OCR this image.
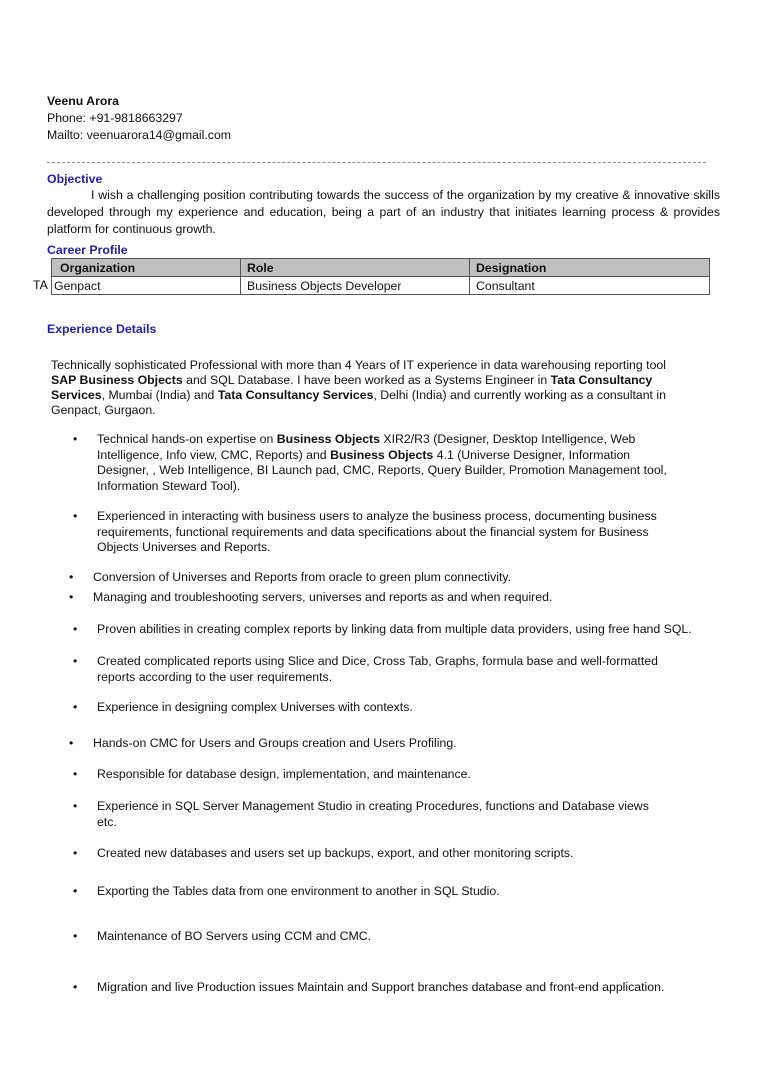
Veenu Arora
Phone: +91-9818663297
Mailto: veenuarora14@gmail.com
Objective
I wish a challenging position contributing towards the success of the organization by my creative & innovative skills developed through my experience and education, being a part of an industry that initiates learning process & provides platform for continuous growth.
Career Profile
TA
Organization	Role	Designation
Genpact	Business Objects Developer	Consultant
Experience Details
Technically sophisticated Professional with more than 4 Years of IT experience in data warehousing reporting tool
SAP Business Objects and SQL Database. I have been worked as a Systems Engineer in Tata Consultancy
Services, Mumbai (India) and Tata Consultancy Services, Delhi (India) and currently working as a consultant in
Genpact, Gurgaon.
• Technical hands-on expertise on Business Objects XIR2/R3 (Designer, Desktop Intelligence, Web
Intelligence, Info view, CMC, Reports) and Business Objects 4.1 (Universe Designer, Information
Designer, , Web Intelligence, BI Launch pad, CMC, Reports, Query Builder, Promotion Management tool,
Information Steward Tool).
• Experienced in interacting with business users to analyze the business process, documenting business
requirements, functional requirements and data specifications about the financial system for Business
Objects Universes and Reports.
• Conversion of Universes and Reports from oracle to green plum connectivity.
• Managing and troubleshooting servers, universes and reports as and when required.
• Proven abilities in creating complex reports by linking data from multiple data providers, using free hand SQL.
• Created complicated reports using Slice and Dice, Cross Tab, Graphs, formula base and well-formatted
reports according to the user requirements.
• Experience in designing complex Universes with contexts.
• Hands-on CMC for Users and Groups creation and Users Profiling.
• Responsible for database design, implementation, and maintenance.
• Experience in SQL Server Management Studio in creating Procedures, functions and Database views
etc.
• Created new databases and users set up backups, export, and other monitoring scripts.
• Exporting the Tables data from one environment to another in SQL Studio.
• Maintenance of BO Servers using CCM and CMC.
• Migration and live Production issues Maintain and Support branches database and front-end application.
